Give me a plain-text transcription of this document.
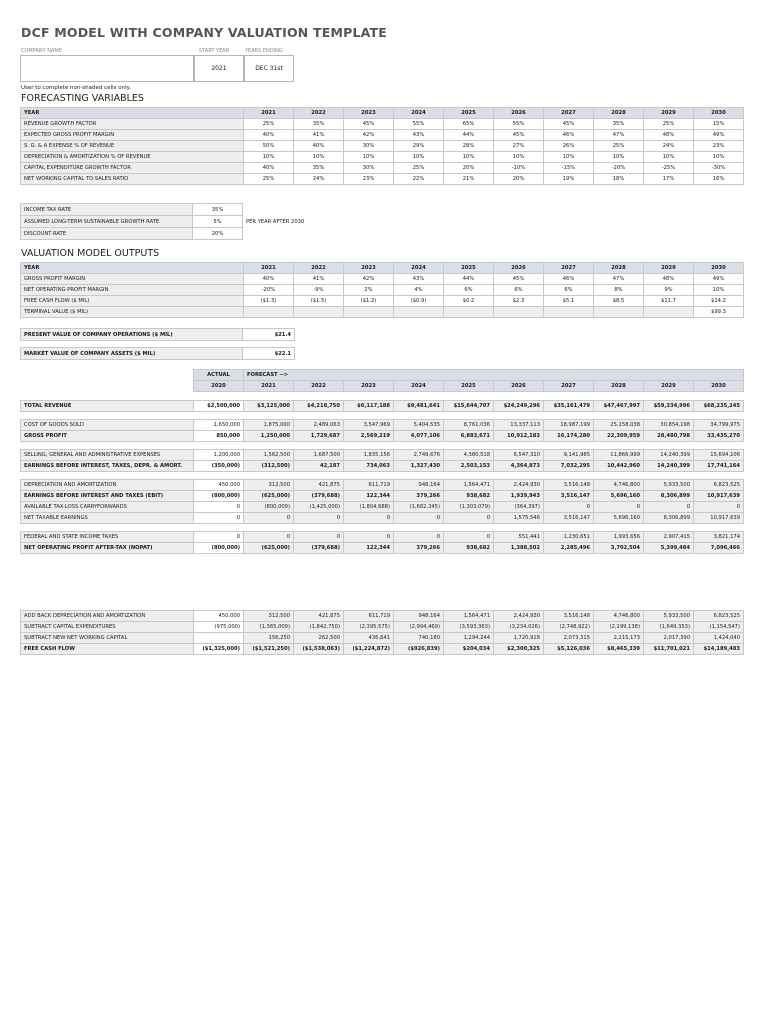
DCF MODEL WITH COMPANY VALUATION TEMPLATE
COMPANY NAME	START YEAR	YEARS ENDING
2021	DEC 31st
User to complete non-shaded cells only.
FORECASTING VARIABLES
YEAR	2021	2022	2023	2024	2025	2026	2027	2028	2029	2030
REVENUE GROWTH FACTOR	25%	35%	45%	55%	65%	55%	45%	35%	25%	15%
EXPECTED GROSS PROFIT MARGIN	40%	41%	42%	43%	44%	45%	46%	47%	48%	49%
S. G. & A EXPENSE % OF REVENUE	50%	40%	30%	29%	28%	27%	26%	25%	24%	23%
DEPRECIATION & AMORTIZATION % OF REVENUE	10%	10%	10%	10%	10%	10%	10%	10%	10%	10%
CAPITAL EXPENDITURE GROWTH FACTOR	40%	35%	30%	25%	20%	-10%	-15%	-20%	-25%	-30%
NET WORKING CAPITAL TO SALES RATIO	25%	24%	23%	22%	21%	20%	19%	18%	17%	16%
INCOME TAX RATE	35%	
ASSUMED LONG-TERM SUSTAINABLE GROWTH RATE	5%	PER YEAR AFTER 2030
DISCOUNT RATE	20%	
VALUATION MODEL OUTPUTS
YEAR	2021	2022	2023	2024	2025	2026	2027	2028	2029	2030
GROSS PROFIT MARGIN	40%	41%	42%	43%	44%	45%	46%	47%	48%	49%
NET OPERATING PROFIT MARGIN	-20%	-9%	2%	4%	6%	6%	6%	8%	9%	10%
FREE CASH FLOW ($ MIL)	($1.3)	($1.5)	($1.2)	($0.9)	$0.2	$2.3	$5.1	$8.5	$11.7	$14.2
TERMINAL VALUE ($ MIL)										$99.3
PRESENT VALUE OF COMPANY OPERATIONS ($ MIL)	$21.4
MARKET VALUE OF COMPANY ASSETS ($ MIL)	$22.1
	ACTUAL	FORECAST -->									
	2020	2021	2022	2023	2024	2025	2026	2027	2028	2029	2030

TOTAL REVENUE	$2,500,000	$3,125,000	$4,218,750	$6,117,188	$9,481,641	$15,644,707	$24,249,296	$35,161,479	$47,467,997	$59,334,996	$68,235,245

COST OF GOODS SOLD	1,650,000	1,875,000	2,489,063	3,547,969	5,404,535	8,761,036	13,337,113	18,987,199	25,158,038	30,854,198	34,799,975
GROSS PROFIT	850,000	1,250,000	1,729,687	2,569,219	4,077,106	6,883,671	10,912,183	16,174,280	22,309,959	28,480,798	33,435,270

SELLING, GENERAL AND ADMINISTRATIVE EXPENSES	1,200,000	1,562,500	1,687,500	1,835,156	2,749,676	4,380,518	6,547,310	9,141,985	11,866,999	14,240,399	15,694,106
EARNINGS BEFORE INTEREST, TAXES, DEPR. & AMORT.	(350,000)	(312,500)	42,187	734,063	1,327,430	2,503,153	4,364,873	7,032,295	10,442,960	14,240,399	17,741,164

DEPRECIATION AND AMORTIZATION	450,000	312,500	421,875	611,719	948,164	1,564,471	2,424,930	3,516,148	4,746,800	5,933,500	6,823,525
EARNINGS BEFORE INTEREST AND TAXES (EBIT)	(800,000)	(625,000)	(379,688)	122,344	379,266	938,682	1,939,943	3,516,147	5,696,160	8,306,899	10,917,639
AVAILABLE TAX-LOSS CARRYFORWARDS	0	(800,000)	(1,425,000)	(1,804,688)	(1,682,345)	(1,303,079)	(364,397)	0	0	0	0
NET TAXABLE EARNINGS	0	0	0	0	0	0	1,575,546	3,516,147	5,696,160	8,306,899	10,917,639

FEDERAL AND STATE INCOME TAXES	0	0	0	0	0	0	551,441	1,230,651	1,993,656	2,907,415	3,821,174
NET OPERATING PROFIT AFTER-TAX (NOPAT)	(800,000)	(625,000)	(379,688)	122,344	379,266	938,682	1,388,502	2,285,496	3,702,504	5,399,484	7,096,466

ADD BACK DEPRECIATION AND AMORTIZATION	450,000	312,500	421,875	611,719	948,164	1,564,471	2,424,930	3,516,148	4,746,800	5,933,500	6,823,525
SUBTRACT CAPITAL EXPENDITURES	(975,000)	(1,365,000)	(1,842,750)	(2,395,575)	(2,994,469)	(3,593,363)	(3,234,026)	(2,748,922)	(2,199,138)	(1,649,353)	(1,154,547)
SUBTRACT NEW NET WORKING CAPITAL		156,250	262,500	436,641	740,180	1,294,244	1,720,918	2,073,315	2,215,173	2,017,390	1,424,040
FREE CASH FLOW	($1,325,000)	($1,521,250)	($1,538,063)	($1,224,872)	($926,839)	$204,034	$2,300,325	$5,126,036	$8,465,339	$11,701,021	$14,189,483
